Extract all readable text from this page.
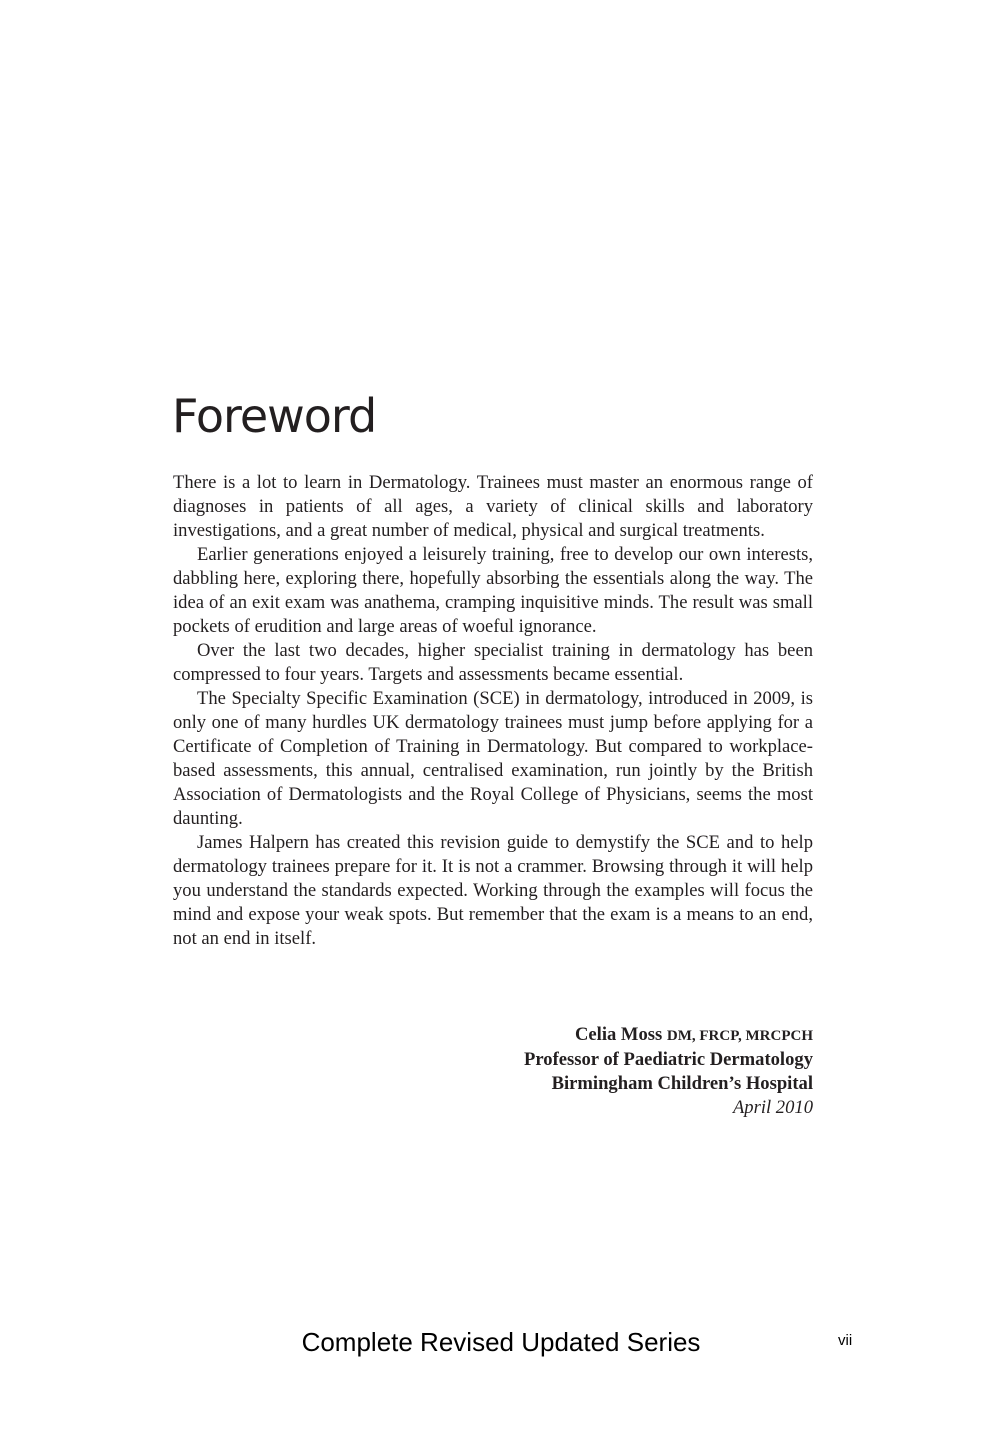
Foreword

There is a lot to learn in Dermatology. Trainees must master an enormous range of diagnoses in patients of all ages, a variety of clinical skills and laboratory investigations, and a great number of medical, physical and surgical treatments.

Earlier generations enjoyed a leisurely training, free to develop our own interests, dabbling here, exploring there, hopefully absorbing the essentials along the way. The idea of an exit exam was anathema, cramping inquisitive minds. The result was small pockets of erudition and large areas of woeful ignorance.

Over the last two decades, higher specialist training in dermatology has been compressed to four years. Targets and assessments became essential.

The Specialty Specific Examination (SCE) in dermatology, introduced in 2009, is only one of many hurdles UK dermatology trainees must jump before applying for a Certificate of Completion of Training in Dermatology. But compared to workplace-based assessments, this annual, centralised examination, run jointly by the British Association of Dermatologists and the Royal College of Physicians, seems the most daunting.

James Halpern has created this revision guide to demystify the SCE and to help dermatology trainees prepare for it. It is not a crammer. Browsing through it will help you understand the standards expected. Working through the examples will focus the mind and expose your weak spots. But remember that the exam is a means to an end, not an end in itself.

Celia Moss DM, FRCP, MRCPCH
Professor of Paediatric Dermatology
Birmingham Children’s Hospital
April 2010
Complete Revised Updated Series	vii
